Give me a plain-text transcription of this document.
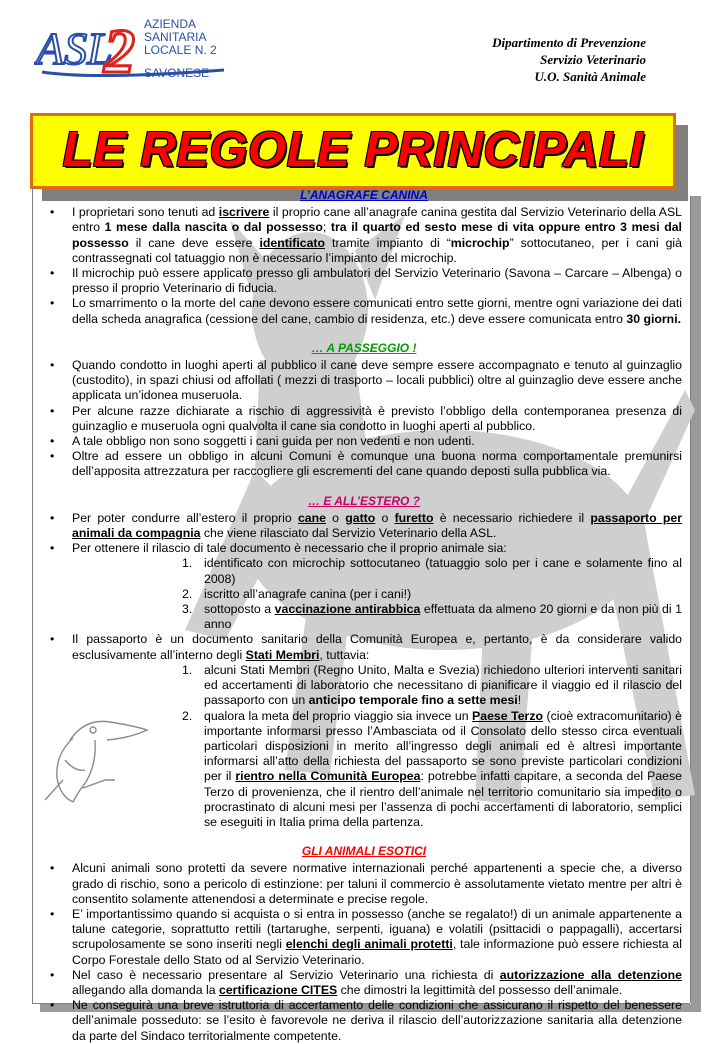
ASL
2 AZIENDA
SANITARIA
LOCALE N. 2
SAVONESE
Dipartimento di Prevenzione
Servizio Veterinario
U.O. Sanità Animale
LE REGOLE PRINCIPALI
L’ANAGRAFE CANINA
• I proprietari sono tenuti ad iscrivere il proprio cane all’anagrafe canina gestita dal Servizio Veterinario della ASL entro 1 mese dalla nascita o dal possesso; tra il quarto ed sesto mese di vita oppure entro 3 mesi dal possesso il cane deve essere identificato tramite impianto di “microchip” sottocutaneo, per i cani già contrassegnati col tatuaggio non è necessario l’impianto del microchip.
• Il microchip può essere applicato presso gli ambulatori del Servizio Veterinario (Savona – Carcare – Albenga) o presso il proprio Veterinario di fiducia.
• Lo smarrimento o la morte del cane devono essere comunicati entro sette giorni, mentre ogni variazione dei dati della scheda anagrafica (cessione del cane, cambio di residenza, etc.) deve essere comunicata entro 30 giorni.
… A PASSEGGIO !
• Quando condotto in luoghi aperti al pubblico il cane deve sempre essere accompagnato e tenuto al guinzaglio (custodito), in spazi chiusi od affollati ( mezzi di trasporto – locali pubblici) oltre al guinzaglio deve essere anche applicata un’idonea museruola.
• Per alcune razze dichiarate a rischio di aggressività è previsto l’obbligo della contemporanea presenza di guinzaglio e museruola ogni qualvolta il cane sia condotto in luoghi aperti al pubblico.
• A tale obbligo non sono soggetti i cani guida per non vedenti e non udenti.
• Oltre ad essere un obbligo in alcuni Comuni è comunque una buona norma comportamentale premunirsi dell’apposita attrezzatura per raccogliere gli escrementi del cane quando deposti sulla pubblica via.
… E ALL’ESTERO ?
• Per poter condurre all’estero il proprio cane o gatto o furetto è necessario richiedere il passaporto per animali da compagnia che viene rilasciato dal Servizio Veterinario della ASL.
• Per ottenere il rilascio di tale documento è necessario che il proprio animale sia:
1. identificato con microchip sottocutaneo (tatuaggio solo per i cane e solamente fino al 2008)
2. iscritto all’anagrafe canina (per i cani!)
3. sottoposto a vaccinazione antirabbica effettuata da almeno 20 giorni e da non più di 1 anno
• Il passaporto è un documento sanitario della Comunità Europea e, pertanto, è da considerare valido esclusivamente all’interno degli Stati Membri, tuttavia:
1. alcuni Stati Membri (Regno Unito, Malta e Svezia) richiedono ulteriori interventi sanitari ed accertamenti di laboratorio che necessitano di pianificare il viaggio ed il rilascio del passaporto con un anticipo temporale fino a sette mesi!
2. qualora la meta del proprio viaggio sia invece un Paese Terzo (cioè extracomunitario) è importante informarsi presso l’Ambasciata od il Consolato dello stesso circa eventuali particolari disposizioni in merito all’ingresso degli animali ed è altresì importante informarsi all’atto della richiesta del passaporto se sono previste particolari condizioni per il rientro nella Comunità Europea: potrebbe infatti capitare, a seconda del Paese Terzo di provenienza, che il rientro dell’animale nel territorio comunitario sia impedito o procrastinato di alcuni mesi per l’assenza di pochi accertamenti di laboratorio, semplici se eseguiti in Italia prima della partenza.
GLI ANIMALI ESOTICI
• Alcuni animali sono protetti da severe normative internazionali perché appartenenti a specie che, a diverso grado di rischio, sono a pericolo di estinzione: per taluni il commercio è assolutamente vietato mentre per altri è consentito solamente attenendosi a determinate e precise regole.
• E’ importantissimo quando si acquista o si entra in possesso (anche se regalato!) di un animale appartenente a talune categorie, soprattutto rettili (tartarughe, serpenti, iguana) e volatili (psittacidi o pappagalli), accertarsi scrupolosamente se sono inseriti negli elenchi degli animali protetti, tale informazione può essere richiesta al Corpo Forestale dello Stato od al Servizio Veterinario.
• Nel caso è necessario presentare al Servizio Veterinario una richiesta di autorizzazione alla detenzione allegando alla domanda la certificazione CITES che dimostri la legittimità del possesso dell’animale.
• Ne conseguirà una breve istruttoria di accertamento delle condizioni che assicurano il rispetto del benessere dell’animale posseduto: se l’esito è favorevole ne deriva il rilascio dell’autorizzazione sanitaria alla detenzione da parte del Sindaco territorialmente competente.
